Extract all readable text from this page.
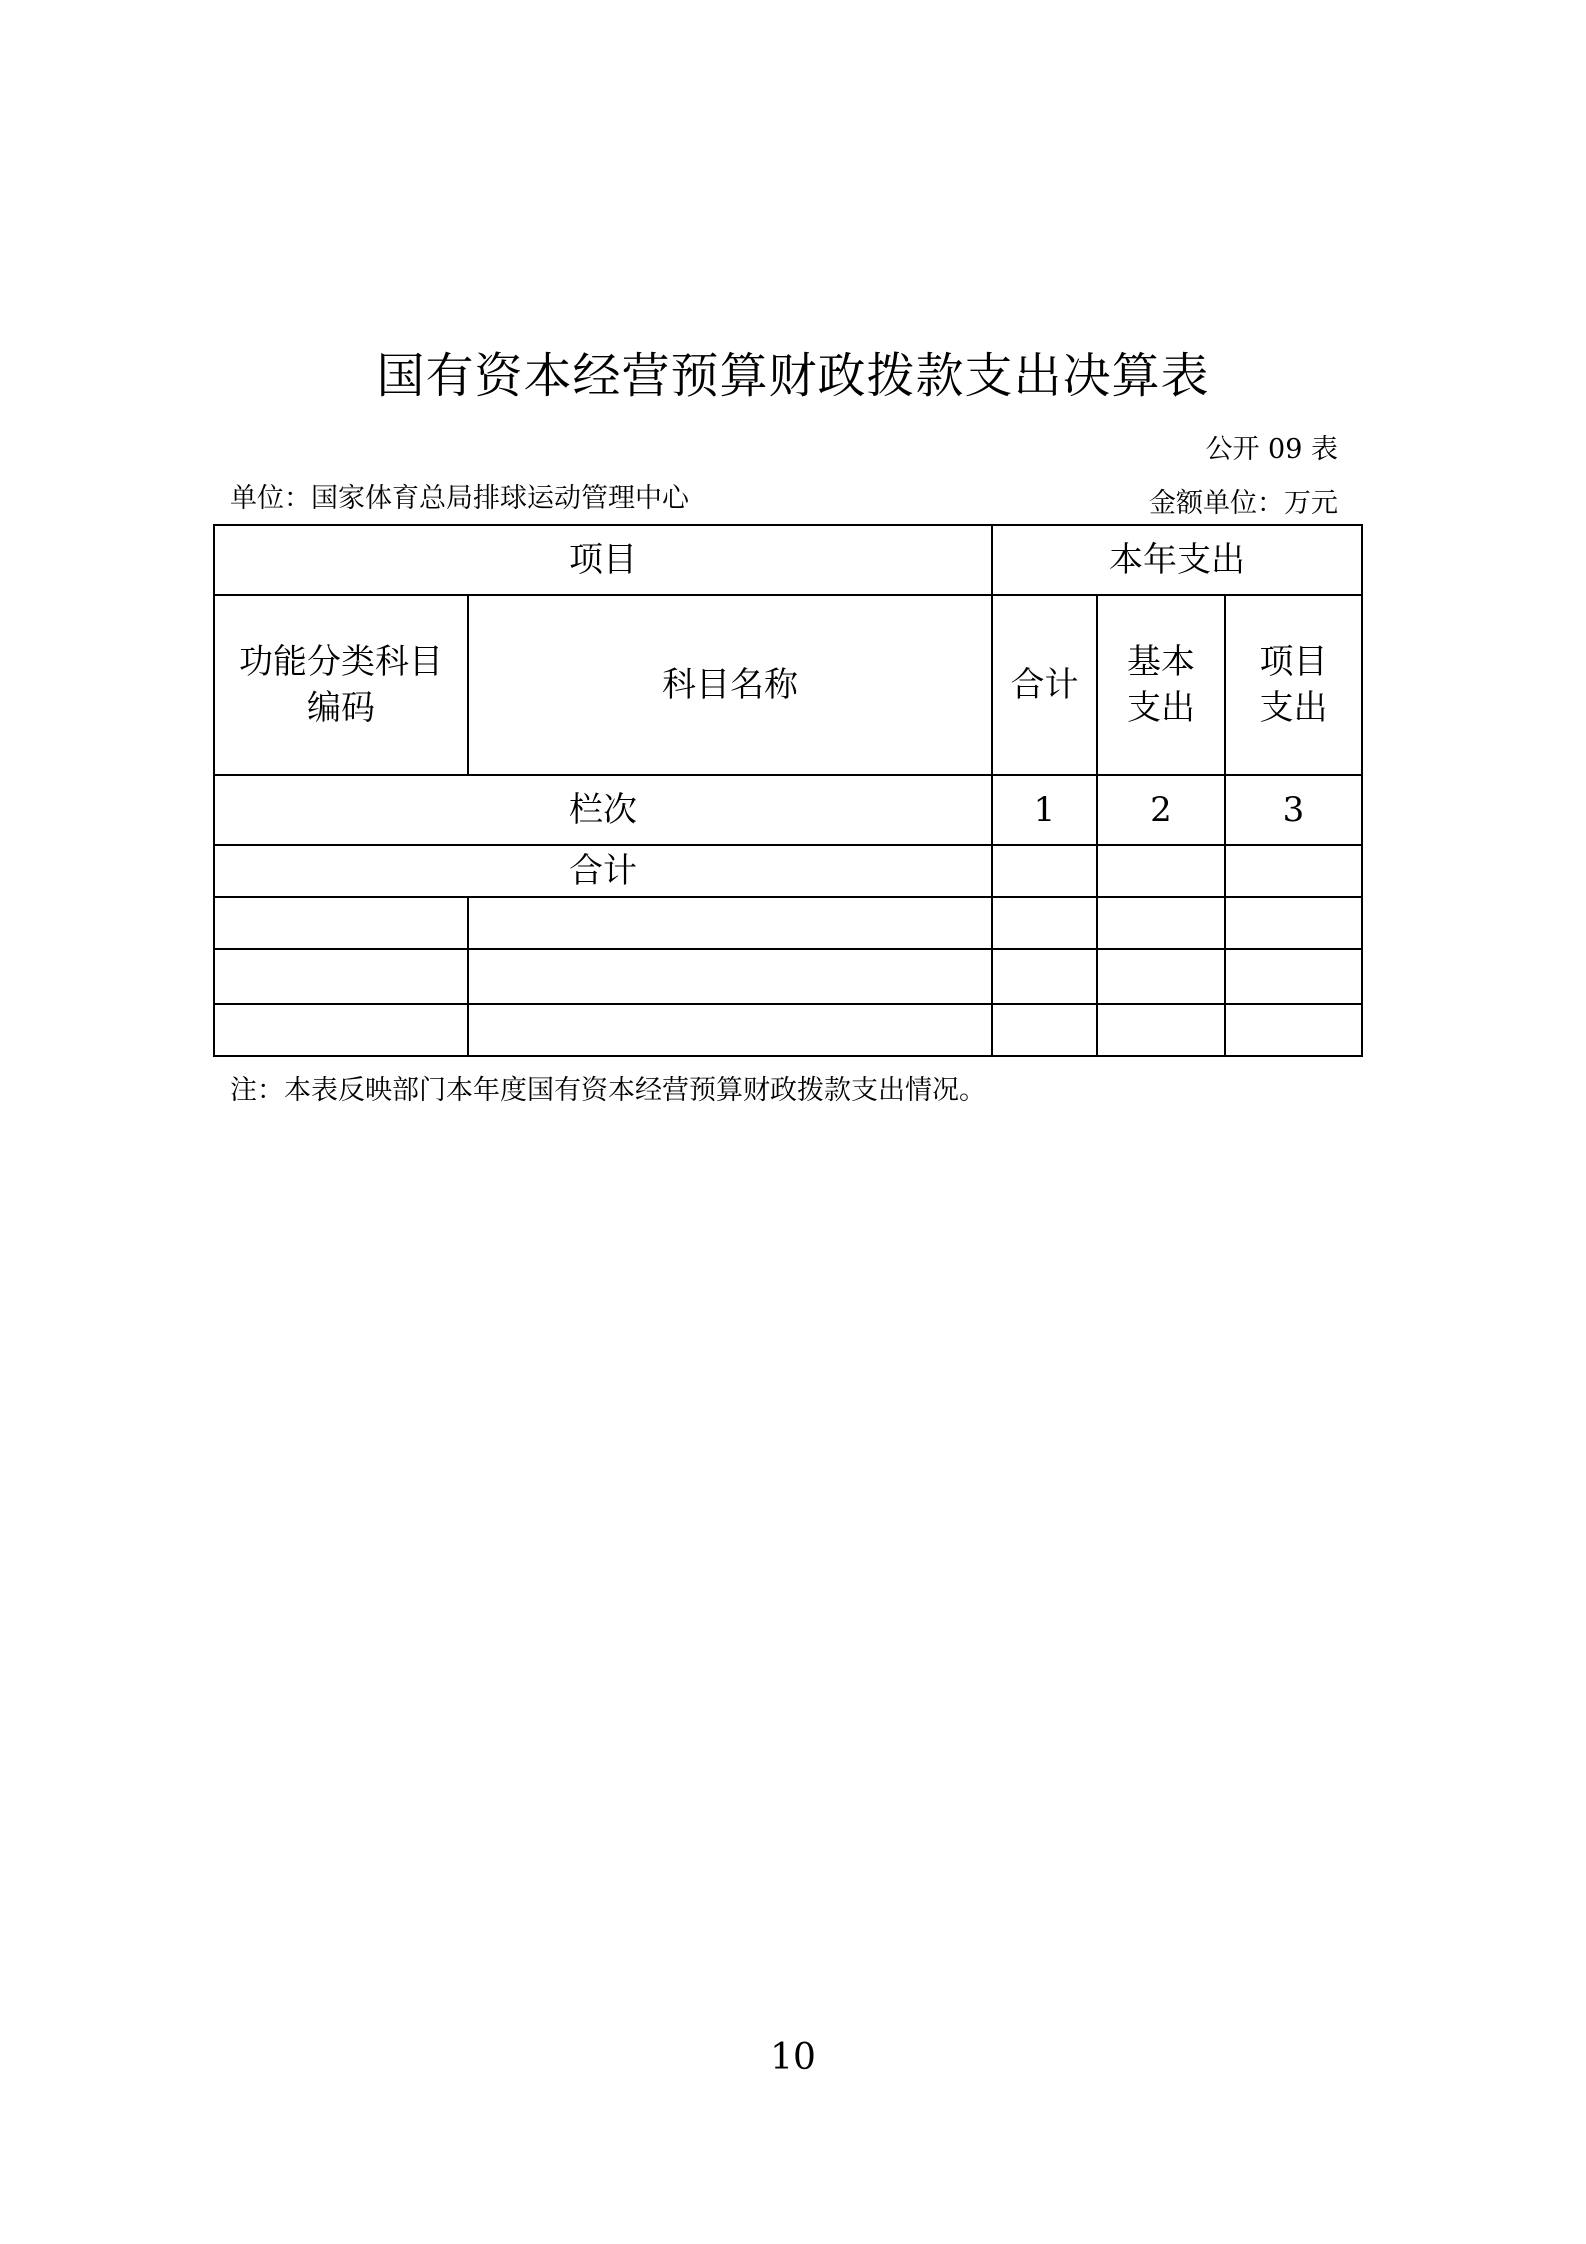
国有资本经营预算财政拨款支出决算表
公开 09 表
单位：国家体育总局排球运动管理中心	金额单位：万元
项目		本年支出		
功能分类科目编码	科目名称	合计	基本支出	项目支出
栏次		1	2	3
合计				

注：本表反映部门本年度国有资本经营预算财政拨款支出情况。
10
